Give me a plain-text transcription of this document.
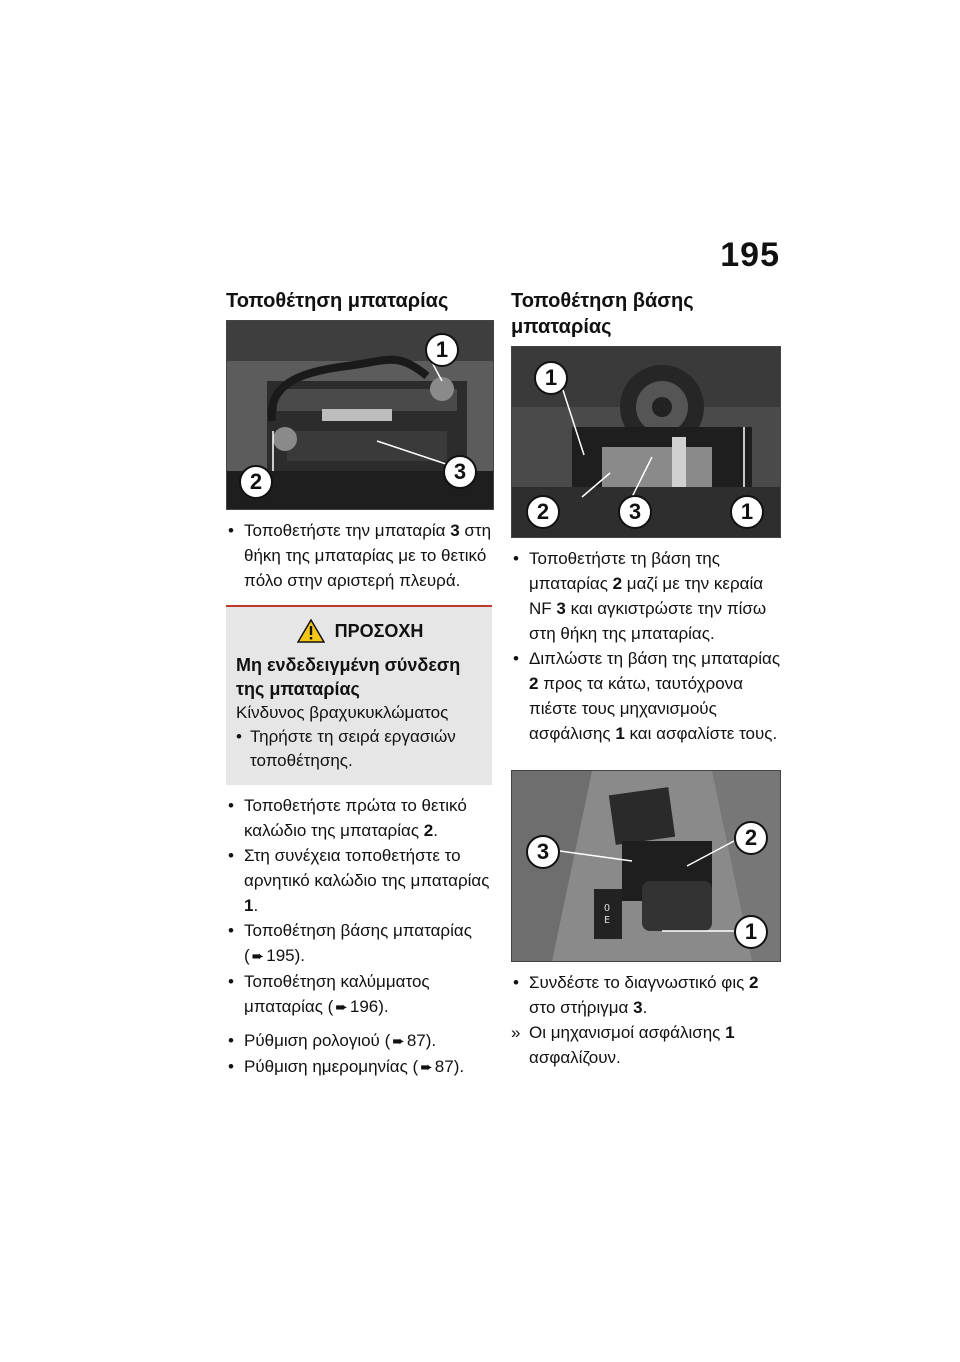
195
Τοποθέτηση μπαταρίας
1
2	3
• Τοποθετήστε την μπαταρία 3 στη θήκη της μπαταρίας με το θετικό πόλο στην αριστερή πλευρά.
ΠΡΟΣΟΧΗ
Μη ενδεδειγμένη σύνδεση της μπαταρίας
Κίνδυνος βραχυκυκλώματος
• Τηρήστε τη σειρά εργασιών τοποθέτησης.
• Τοποθετήστε πρώτα το θετικό καλώδιο της μπαταρίας 2.
• Στη συνέχεια τοποθετήστε το αρνητικό καλώδιο της μπαταρίας 1.
• Τοποθέτηση βάσης μπαταρίας ( ➨ 195).
• Τοποθέτηση καλύμματος μπαταρίας ( ➨ 196).
• Ρύθμιση ρολογιού ( ➨ 87).
• Ρύθμιση ημερομηνίας ( ➨ 87).
Τοποθέτηση βάσης μπαταρίας
1
2	3	1
• Τοποθετήστε τη βάση της μπαταρίας 2 μαζί με την κεραία NF 3 και αγκιστρώστε την πίσω στη θήκη της μπαταρίας.
• Διπλώστε τη βάση της μπαταρίας 2 προς τα κάτω, ταυτόχρονα πιέστε τους μηχανισμούς ασφάλισης 1 και ασφαλίστε τους.
O
E
2
3
1
• Συνδέστε το διαγνωστικό φις 2 στο στήριγμα 3.
» Οι μηχανισμοί ασφάλισης 1 ασφαλίζουν.
